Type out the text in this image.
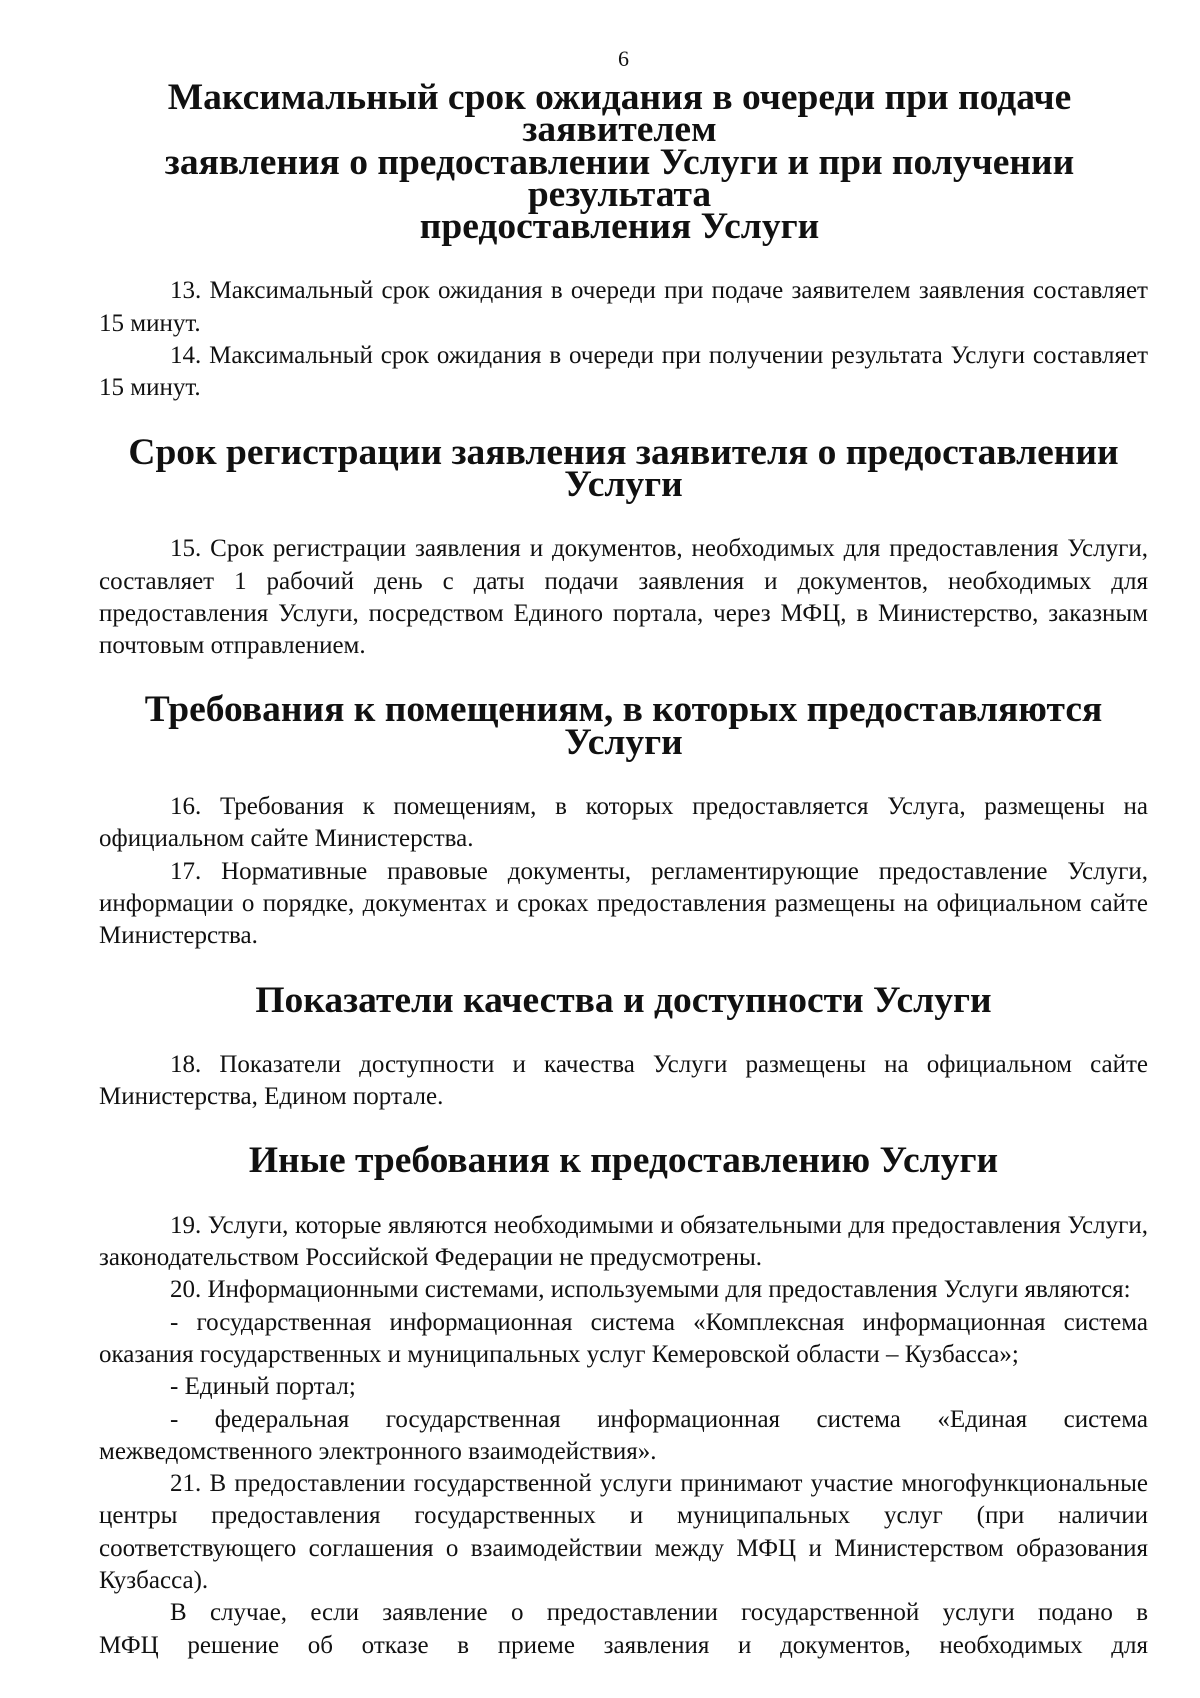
6
Максимальный срок ожидания в очереди при подаче заявителем
заявления о предоставлении Услуги и при получении результата
предоставления Услуги
13. Максимальный срок ожидания в очереди при подаче заявителем заявления составляет 15 минут.
14. Максимальный срок ожидания в очереди при получении результата Услуги составляет 15 минут.
Срок регистрации заявления заявителя о предоставлении Услуги
15. Срок регистрации заявления и документов, необходимых для предоставления Услуги, составляет 1 рабочий день с даты подачи заявления и документов, необходимых для предоставления Услуги, посредством Единого портала, через МФЦ, в Министерство, заказным почтовым отправлением.
Требования к помещениям, в которых предоставляются Услуги
16. Требования к помещениям, в которых предоставляется Услуга, размещены на официальном сайте Министерства.
17. Нормативные правовые документы, регламентирующие предоставление Услуги, информации о порядке, документах и сроках предоставления размещены на официальном сайте Министерства.
Показатели качества и доступности Услуги
18. Показатели доступности и качества Услуги размещены на официальном сайте Министерства, Едином портале.
Иные требования к предоставлению Услуги
19. Услуги, которые являются необходимыми и обязательными для предоставления Услуги, законодательством Российской Федерации не предусмотрены.
20. Информационными системами, используемыми для предоставления Услуги являются:
- государственная информационная система «Комплексная информационная система оказания государственных и муниципальных услуг Кемеровской области – Кузбасса»;
- Единый портал;
- федеральная государственная информационная система «Единая система межведомственного электронного взаимодействия».
21. В предоставлении государственной услуги принимают участие многофункциональные центры предоставления государственных и муниципальных услуг (при наличии соответствующего соглашения о взаимодействии между МФЦ и Министерством образования Кузбасса).
В случае, если заявление о предоставлении государственной услуги подано в
МФЦ решение об отказе в приеме заявления и документов, необходимых для
